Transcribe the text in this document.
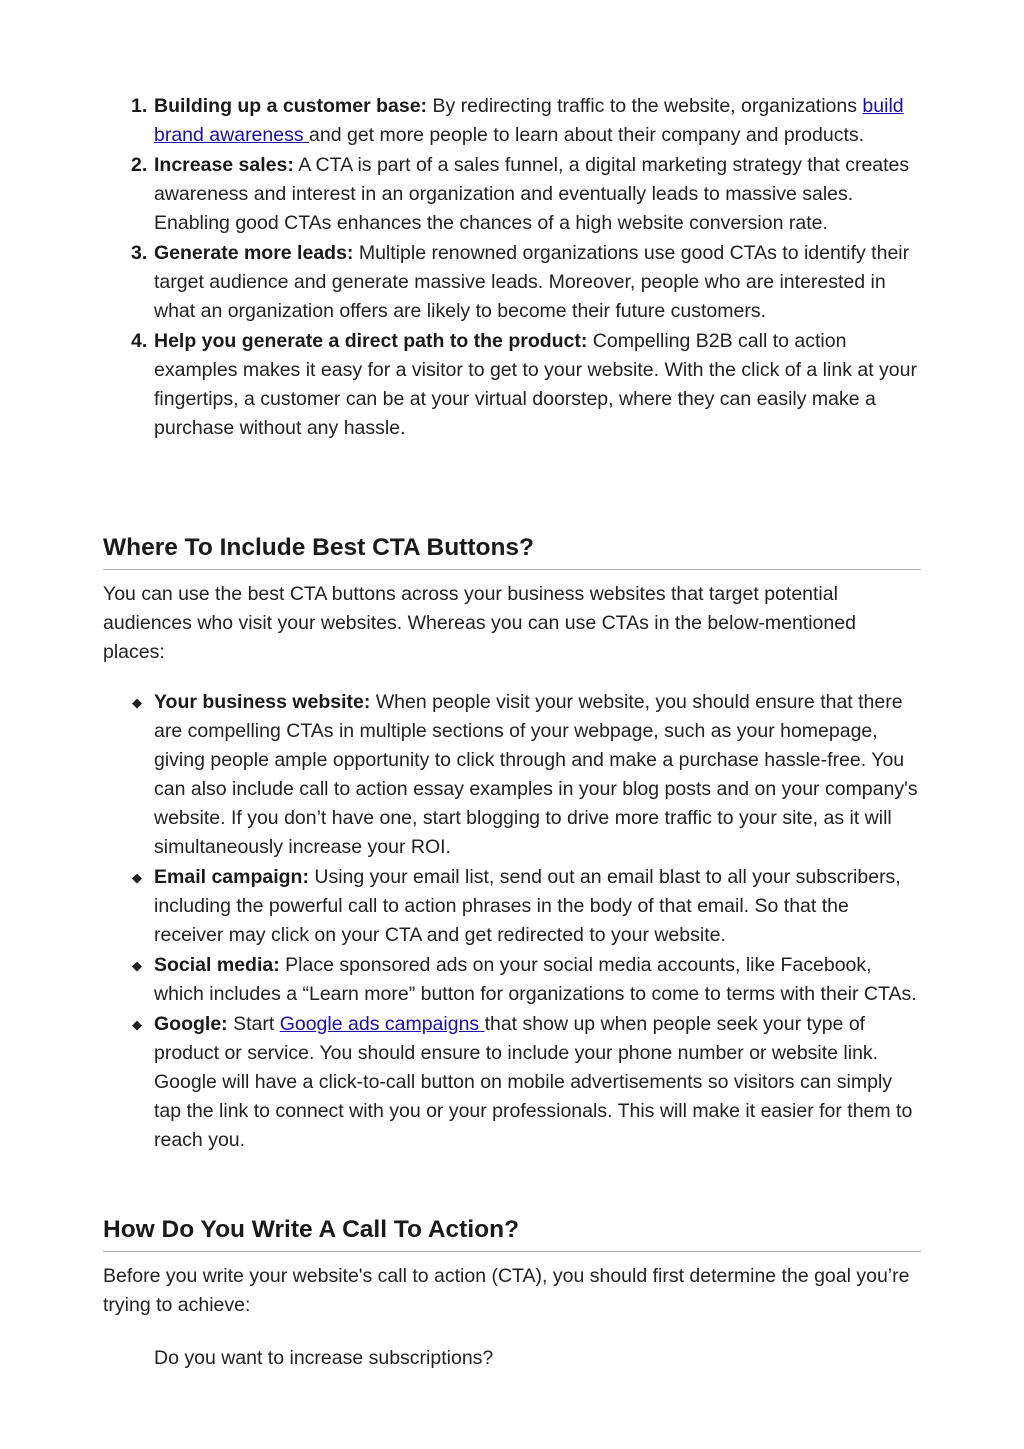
1. Building up a customer base: By redirecting traffic to the website, organizations build brand awareness and get more people to learn about their company and products.
2. Increase sales: A CTA is part of a sales funnel, a digital marketing strategy that creates awareness and interest in an organization and eventually leads to massive sales. Enabling good CTAs enhances the chances of a high website conversion rate.
3. Generate more leads: Multiple renowned organizations use good CTAs to identify their target audience and generate massive leads. Moreover, people who are interested in what an organization offers are likely to become their future customers.
4. Help you generate a direct path to the product: Compelling B2B call to action examples makes it easy for a visitor to get to your website. With the click of a link at your fingertips, a customer can be at your virtual doorstep, where they can easily make a purchase without any hassle.
Where To Include Best CTA Buttons?

You can use the best CTA buttons across your business websites that target potential audiences who visit your websites. Whereas you can use CTAs in the below-mentioned places:

◆ Your business website: When people visit your website, you should ensure that there are compelling CTAs in multiple sections of your webpage, such as your homepage, giving people ample opportunity to click through and make a purchase hassle-free. You can also include call to action essay examples in your blog posts and on your company's website. If you don’t have one, start blogging to drive more traffic to your site, as it will simultaneously increase your ROI.
◆ Email campaign: Using your email list, send out an email blast to all your subscribers, including the powerful call to action phrases in the body of that email. So that the receiver may click on your CTA and get redirected to your website.
◆ Social media: Place sponsored ads on your social media accounts, like Facebook, which includes a “Learn more” button for organizations to come to terms with their CTAs.
◆ Google: Start Google ads campaigns that show up when people seek your type of product or service. You should ensure to include your phone number or website link. Google will have a click-to-call button on mobile advertisements so visitors can simply tap the link to connect with you or your professionals. This will make it easier for them to reach you.
How Do You Write A Call To Action?

Before you write your website's call to action (CTA), you should first determine the goal you’re trying to achieve:

Do you want to increase subscriptions?
